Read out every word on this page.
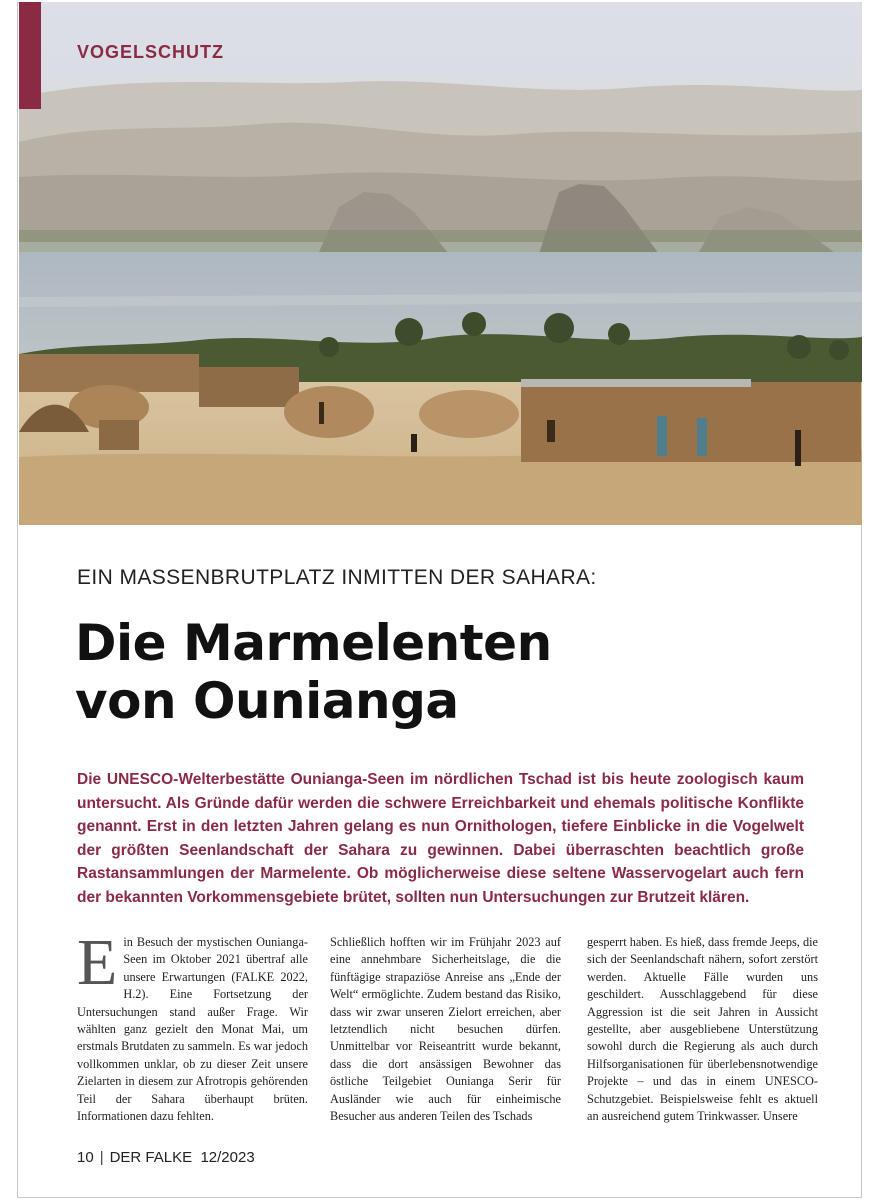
VOGELSCHUTZ
EIN MASSENBRUTPLATZ INMITTEN DER SAHARA:
Die Marmelenten
von Ounianga
Die UNESCO-Welterbestätte Ounianga-Seen im nördlichen Tschad ist bis heute zoologisch kaum untersucht. Als Gründe dafür werden die schwere Erreichbarkeit und ehemals politische Konflikte genannt. Erst in den letzten Jahren gelang es nun Ornithologen, tiefere Einblicke in die Vogelwelt der größten Seenlandschaft der Sahara zu gewinnen. Dabei überraschten beachtlich große Rastansammlungen der Marmelente. Ob möglicherweise diese seltene Wasservogelart auch fern der bekannten Vorkommensgebiete brütet, sollten nun Untersuchungen zur Brutzeit klären.
E in Besuch der mystischen Ounianga-Seen im Oktober 2021 übertraf alle unsere Erwartungen (FALKE 2022, H.2). Eine Fortsetzung der Untersuchungen stand außer Frage. Wir wählten ganz gezielt den Monat Mai, um erstmals Brutdaten zu sammeln. Es war jedoch vollkommen unklar, ob zu dieser Zeit unsere Zielarten in diesem zur Afrotropis gehörenden Teil der Sahara überhaupt brüten. Informationen dazu fehlten.
Schließlich hofften wir im Frühjahr 2023 auf eine annehmbare Sicherheitslage, die die fünftägige strapaziöse Anreise ans „Ende der Welt“ ermöglichte. Zudem bestand das Risiko, dass wir zwar unseren Zielort erreichen, aber letztendlich nicht besuchen dürfen. Unmittelbar vor Reiseantritt wurde bekannt, dass die dort ansässigen Bewohner das östliche Teilgebiet Ounianga Serir für Ausländer wie auch für einheimische Besucher aus anderen Teilen des Tschads
gesperrt haben. Es hieß, dass fremde Jeeps, die sich der Seenlandschaft nähern, sofort zerstört werden. Aktuelle Fälle wurden uns geschildert. Ausschlaggebend für diese Aggression ist die seit Jahren in Aussicht gestellte, aber ausgebliebene Unterstützung sowohl durch die Regierung als auch durch Hilfsorganisationen für überlebensnotwendige Projekte – und das in einem UNESCO-Schutzgebiet. Beispielsweise fehlt es aktuell an ausreichend gutem Trinkwasser. Unsere
10 | DER FALKE  12/2023
